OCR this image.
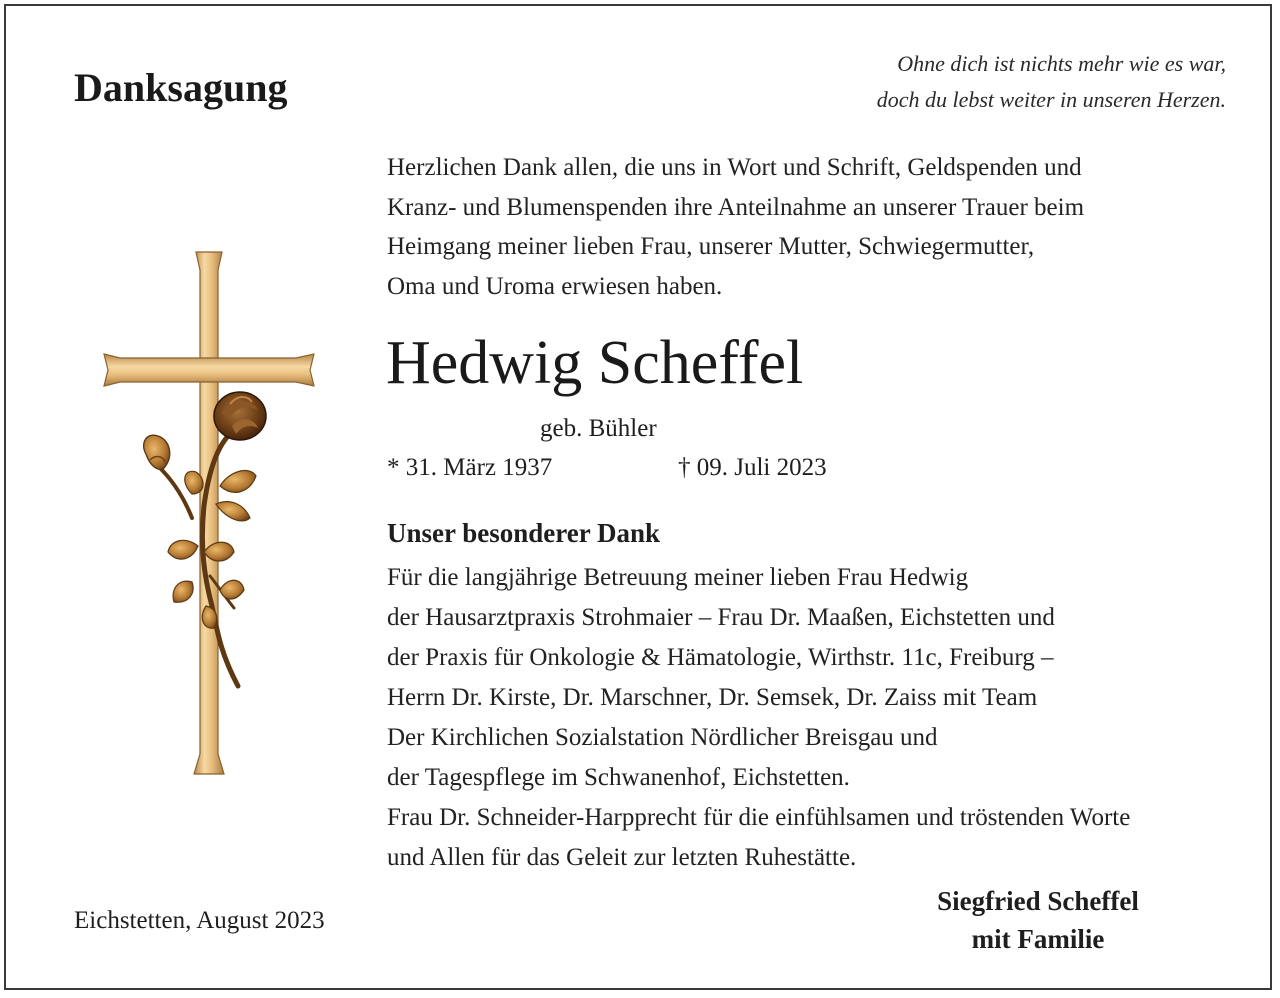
Danksagung
Ohne dich ist nichts mehr wie es war,
doch du lebst weiter in unseren Herzen.
Herzlichen Dank allen, die uns in Wort und Schrift, Geldspenden und
Kranz- und Blumenspenden ihre Anteilnahme an unserer Trauer beim
Heimgang meiner lieben Frau, unserer Mutter, Schwiegermutter,
Oma und Uroma erwiesen haben.
Hedwig Scheffel
geb. Bühler
* 31. März 1937	† 09. Juli 2023
Unser besonderer Dank
Für die langjährige Betreuung meiner lieben Frau Hedwig
der Hausarztpraxis Strohmaier – Frau Dr. Maaßen, Eichstetten und
der Praxis für Onkologie & Hämatologie, Wirthstr. 11c, Freiburg –
Herrn Dr. Kirste, Dr. Marschner, Dr. Semsek, Dr. Zaiss mit Team
Der Kirchlichen Sozialstation Nördlicher Breisgau und
der Tagespflege im Schwanenhof, Eichstetten.
Frau Dr. Schneider-Harpprecht für die einfühlsamen und tröstenden Worte
und Allen für das Geleit zur letzten Ruhestätte.
Eichstetten, August 2023
Siegfried Scheffel
mit Familie
